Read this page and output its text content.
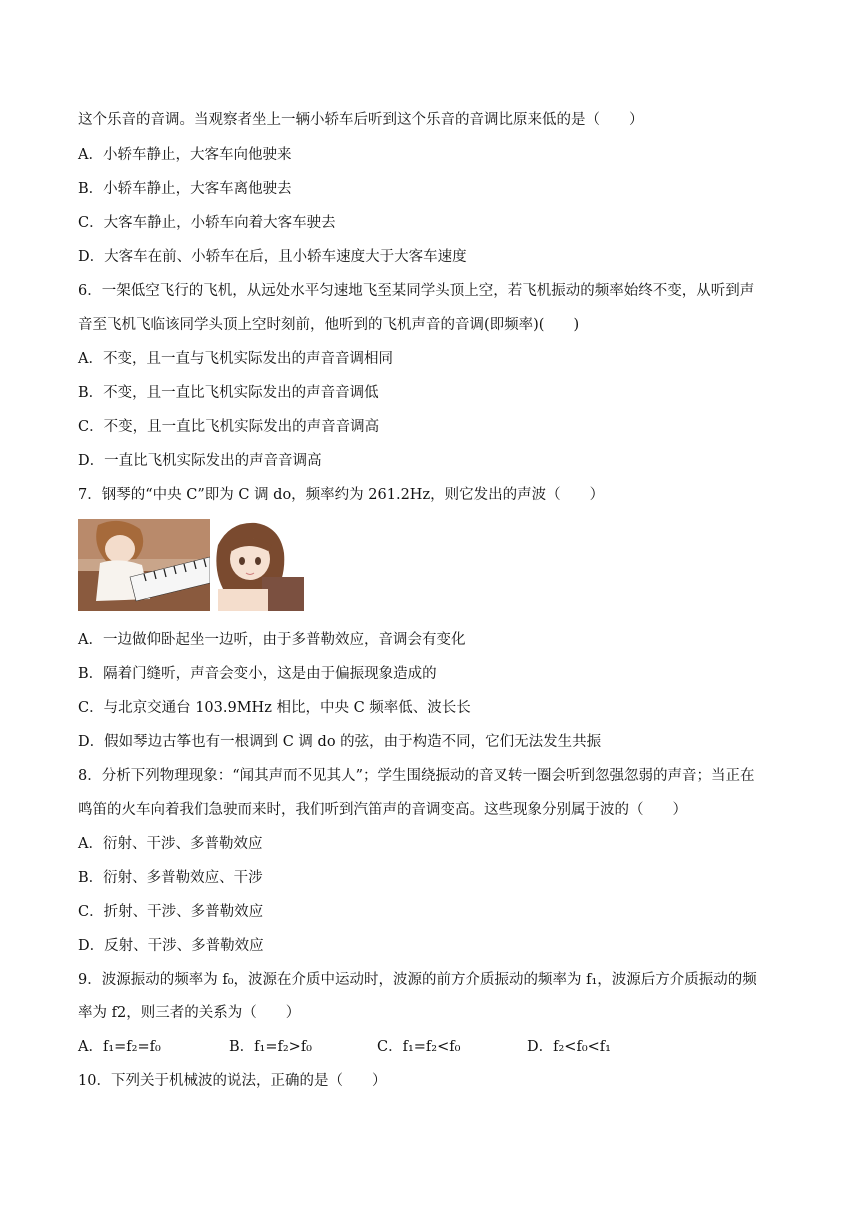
这个乐音的音调。当观察者坐上一辆小轿车后听到这个乐音的音调比原来低的是（　　）
A．小轿车静止，大客车向他驶来
B．小轿车静止，大客车离他驶去
C．大客车静止，小轿车向着大客车驶去
D．大客车在前、小轿车在后，且小轿车速度大于大客车速度
6．一架低空飞行的飞机，从远处水平匀速地飞至某同学头顶上空，若飞机振动的频率始终不变，从听到声
音至飞机飞临该同学头顶上空时刻前，他听到的飞机声音的音调(即频率)(　　)
A．不变，且一直与飞机实际发出的声音音调相同
B．不变，且一直比飞机实际发出的声音音调低
C．不变，且一直比飞机实际发出的声音音调高
D．一直比飞机实际发出的声音音调高
7．钢琴的“中央 C”即为 C 调 do，频率约为 261.2Hz，则它发出的声波（　　）
A．一边做仰卧起坐一边听，由于多普勒效应，音调会有变化
B．隔着门缝听，声音会变小，这是由于偏振现象造成的
C．与北京交通台 103.9MHz 相比，中央 C 频率低、波长长
D．假如琴边古筝也有一根调到 C 调 do 的弦，由于构造不同，它们无法发生共振
8．分析下列物理现象：“闻其声而不见其人”；学生围绕振动的音叉转一圈会听到忽强忽弱的声音；当正在
鸣笛的火车向着我们急驶而来时，我们听到汽笛声的音调变高。这些现象分别属于波的（　　）
A．衍射、干涉、多普勒效应
B．衍射、多普勒效应、干涉
C．折射、干涉、多普勒效应
D．反射、干涉、多普勒效应
9．波源振动的频率为 f₀，波源在介质中运动时，波源的前方介质振动的频率为 f₁，波源后方介质振动的频
率为 f2，则三者的关系为（　　）
A．f₁=f₂=f₀	B．f₁=f₂>f₀	C．f₁=f₂<f₀	D．f₂<f₀<f₁
10．下列关于机械波的说法，正确的是（　　）
